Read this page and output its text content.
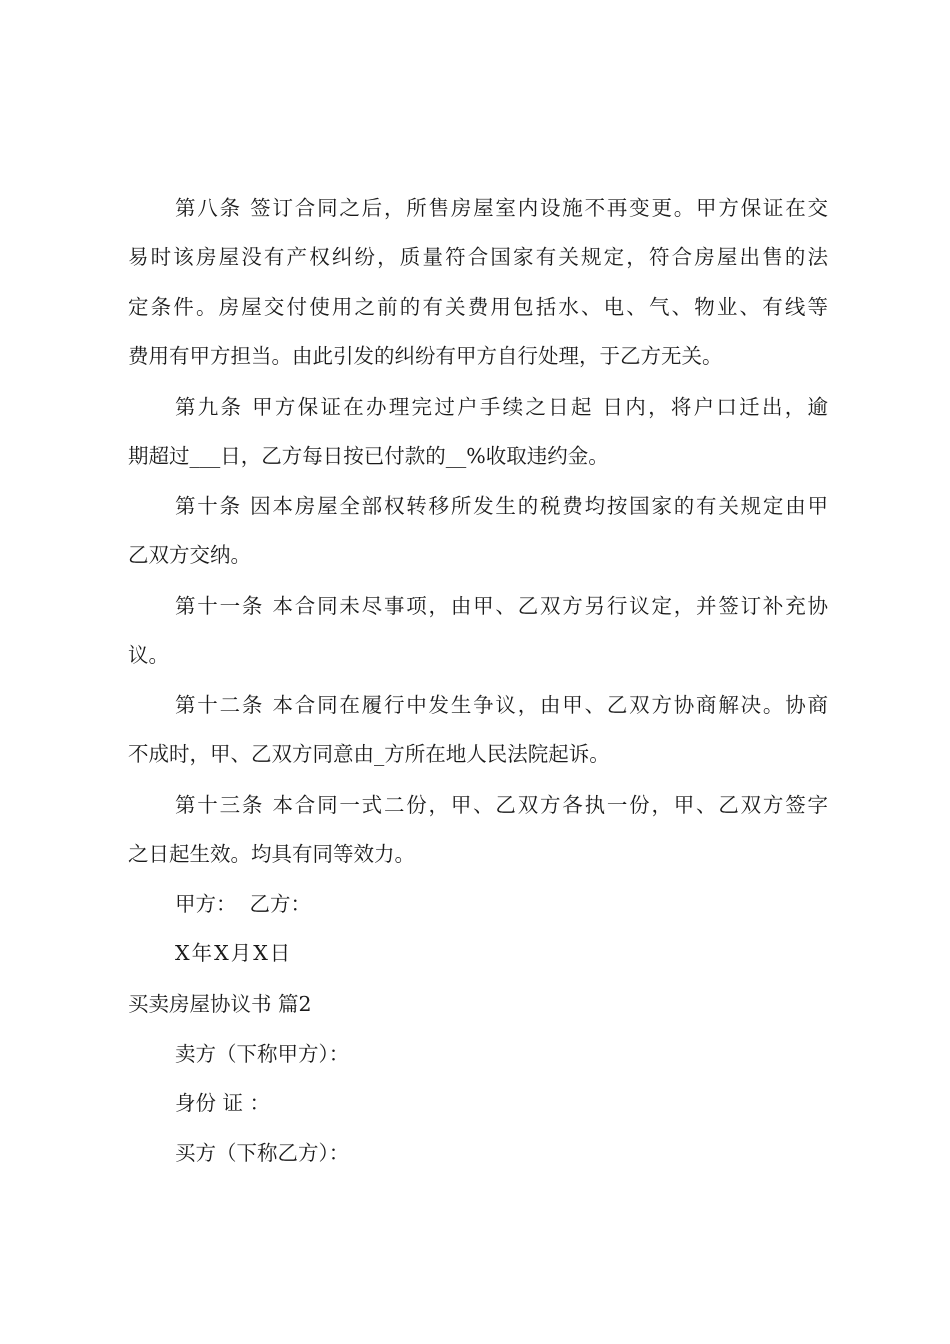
第八条 签订合同之后，所售房屋室内设施不再变更。甲方保证在交
易时该房屋没有产权纠纷，质量符合国家有关规定，符合房屋出售的法
定条件。房屋交付使用之前的有关费用包括水、电、气、物业、有线等
费用有甲方担当。由此引发的纠纷有甲方自行处理，于乙方无关。
第九条 甲方保证在办理完过户手续之日起 日内，将户口迁出，逾
期超过___日，乙方每日按已付款的__%收取违约金。
第十条 因本房屋全部权转移所发生的税费均按国家的有关规定由甲
乙双方交纳。
第十一条 本合同未尽事项，由甲、乙双方另行议定，并签订补充协
议。
第十二条 本合同在履行中发生争议，由甲、乙双方协商解决。协商
不成时，甲、乙双方同意由_方所在地人民法院起诉。
第十三条 本合同一式二份，甲、乙双方各执一份，甲、乙双方签字
之日起生效。均具有同等效力。
甲方：  乙方：
X年X月X日
买卖房屋协议书 篇2
卖方（下称甲方）：
身份 证 ：
买方（下称乙方）：
